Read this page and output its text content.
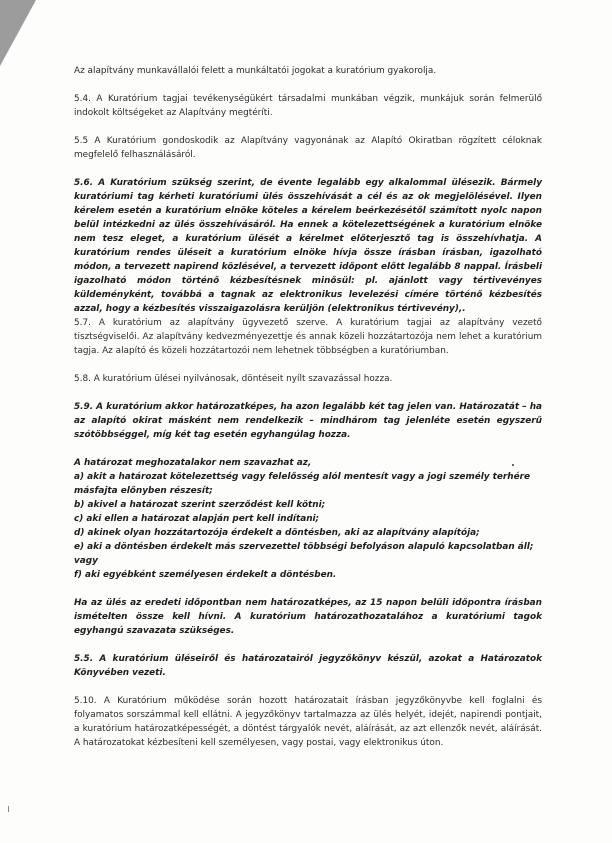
Az alapítvány munkavállalói felett a munkáltatói jogokat a kuratórium gyakorolja.

5.4. A Kuratórium tagjai tevékenységükért társadalmi munkában végzik, munkájuk során felmerülő indokolt költségeket az Alapítvány megtéríti.

5.5 A Kuratórium gondoskodik az Alapítvány vagyonának az Alapító Okiratban rögzített céloknak megfelelő felhasználásáról.

5.6. A Kuratórium szükség szerint, de évente legalább egy alkalommal ülésezik. Bármely kuratóriumi tag kérheti kuratóriumi ülés összehívását a cél és az ok megjelölésével. Ilyen kérelem esetén a kuratórium elnöke köteles a kérelem beérkezésétől számított nyolc napon belül intézkedni az ülés összehívásáról. Ha ennek a kötelezettségének a kuratórium elnöke nem tesz eleget, a kuratórium ülését a kérelmet előterjesztő tag is összehívhatja. A kuratórium rendes üléseit a kuratórium elnöke hívja össze írásban írásban, igazolható módon, a tervezett napirend közlésével, a tervezett időpont előtt legalább 8 nappal. Írásbeli igazolható módon történő kézbesítésnek minősül: pl. ajánlott vagy tértivevényes küldeményként, továbbá a tagnak az elektronikus levelezési címére történő kézbesítés azzal, hogy a kézbesítés visszaigazolásra kerüljön (elektronikus tértivevény),.

5.7. A kuratórium az alapítvány ügyvezető szerve. A kuratórium tagjai az alapítvány vezető tisztségviselői. Az alapítvány kedvezményezettje és annak közeli hozzátartozója nem lehet a kuratórium tagja. Az alapító és közeli hozzátartozói nem lehetnek többségben a kuratóriumban.

5.8. A kuratórium ülései nyilvánosak, döntéseit nyílt szavazással hozza.

5.9. A kuratórium akkor határozatképes, ha azon legalább két tag jelen van. Határozatát – ha az alapító okirat másként nem rendelkezik – mindhárom tag jelenléte esetén egyszerű szótöbbséggel, míg két tag esetén egyhangúlag hozza.

A határozat meghozatalakor nem szavazhat az,

a) akit a határozat kötelezettség vagy felelősség alól mentesít vagy a jogi személy terhére másfajta előnyben részesít;

b) akivel a határozat szerint szerződést kell kötni;

c) aki ellen a határozat alapján pert kell indítani;

d) akinek olyan hozzátartozója érdekelt a döntésben, aki az alapítvány alapítója;

e) aki a döntésben érdekelt más szervezettel többségi befolyáson alapuló kapcsolatban áll; vagy

f) aki egyébként személyesen érdekelt a döntésben.

Ha az ülés az eredeti időpontban nem határozatképes, az 15 napon belüli időpontra írásban ismételten össze kell hívni. A kuratórium határozathozatalához a kuratóriumi tagok egyhangú szavazata szükséges.

5.5. A kuratórium üléseiről és határozatairól jegyzőkönyv készül, azokat a Határozatok Könyvében vezeti.

5.10. A Kuratórium működése során hozott határozatait írásban jegyzőkönyvbe kell foglalni és folyamatos sorszámmal kell ellátni. A jegyzőkönyv tartalmazza az ülés helyét, idejét, napirendi pontjait, a kuratórium határozatképességét, a döntést tárgyalók nevét, aláírását, az azt ellenzők nevét, aláírását. A határozatokat kézbesíteni kell személyesen, vagy postai, vagy elektronikus úton.
